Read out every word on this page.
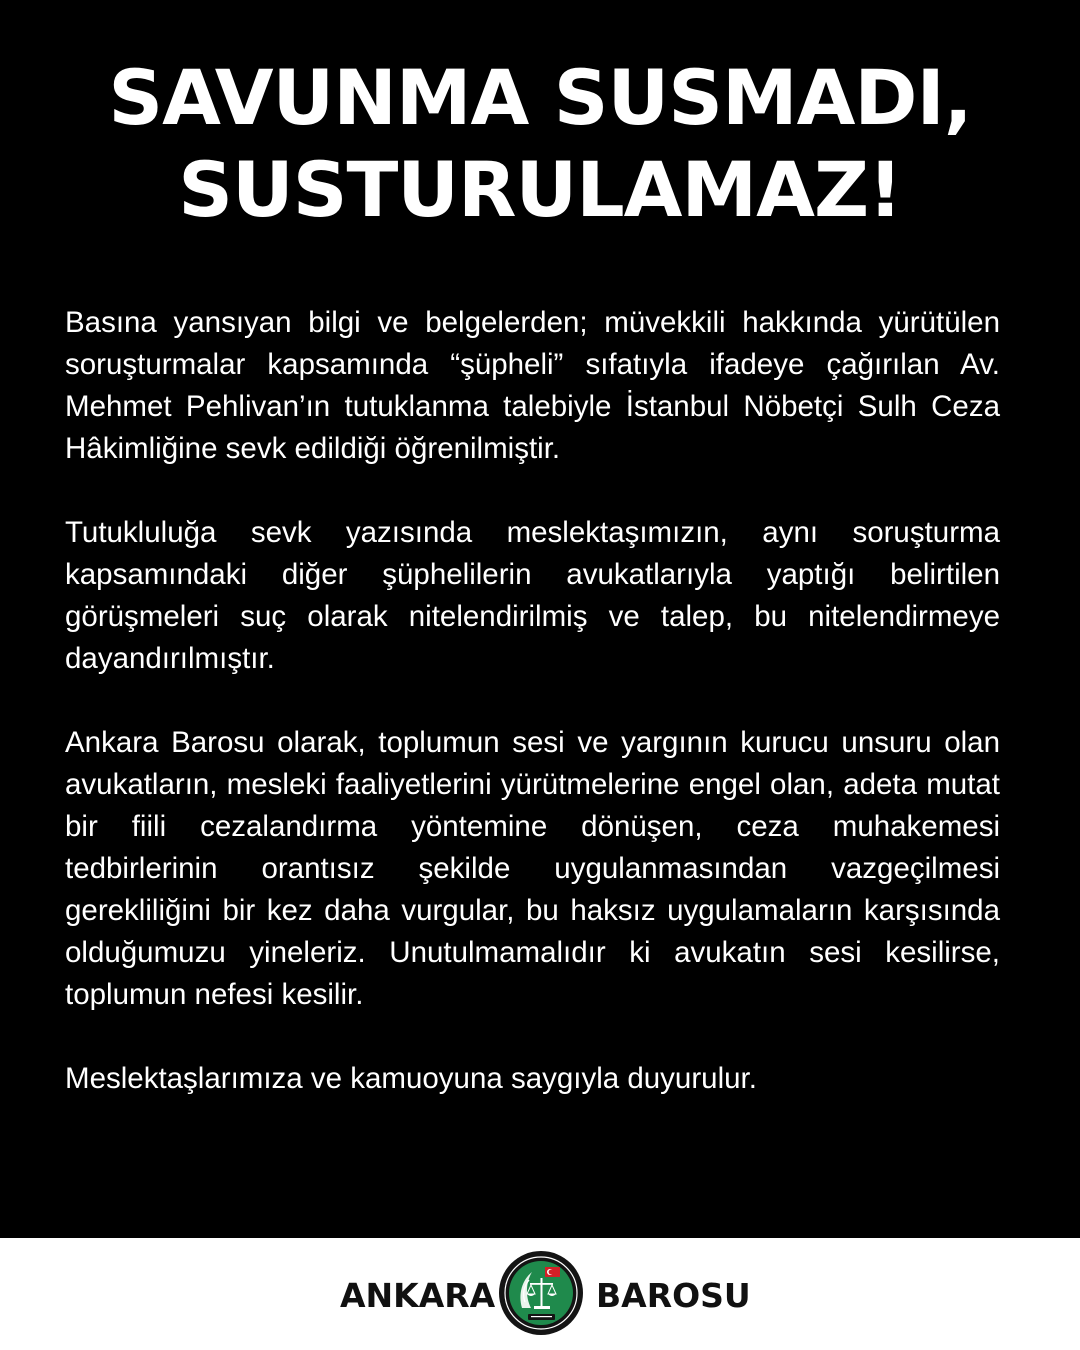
SAVUNMA SUSMADI,
SUSTURULAMAZ!

Basına yansıyan bilgi ve belgelerden; müvekkili hakkında yürütülen soruşturmalar kapsamında “şüpheli” sıfatıyla ifadeye çağırılan Av. Mehmet Pehlivan’ın tutuklanma talebiyle İstanbul Nöbetçi Sulh Ceza Hâkimliğine sevk edildiği öğrenilmiştir.

Tutukluluğa sevk yazısında meslektaşımızın, aynı soruşturma kapsamındaki diğer şüphelilerin avukatlarıyla yaptığı belirtilen görüşmeleri suç olarak nitelendirilmiş ve talep, bu nitelendirmeye dayandırılmıştır.

Ankara Barosu olarak, toplumun sesi ve yargının kurucu unsuru olan avukatların, mesleki faaliyetlerini yürütmelerine engel olan, adeta mutat bir fiili cezalandırma yöntemine dönüşen, ceza muhakemesi tedbirlerinin orantısız şekilde uygulanmasından vazgeçilmesi gerekliliğini bir kez daha vurgular, bu haksız uygulamaların karşısında olduğumuzu yineleriz. Unutulmamalıdır ki avukatın sesi kesilirse, toplumun nefesi kesilir.

Meslektaşlarımıza ve kamuoyuna saygıyla duyurulur.

ANKARA	BAROSU
